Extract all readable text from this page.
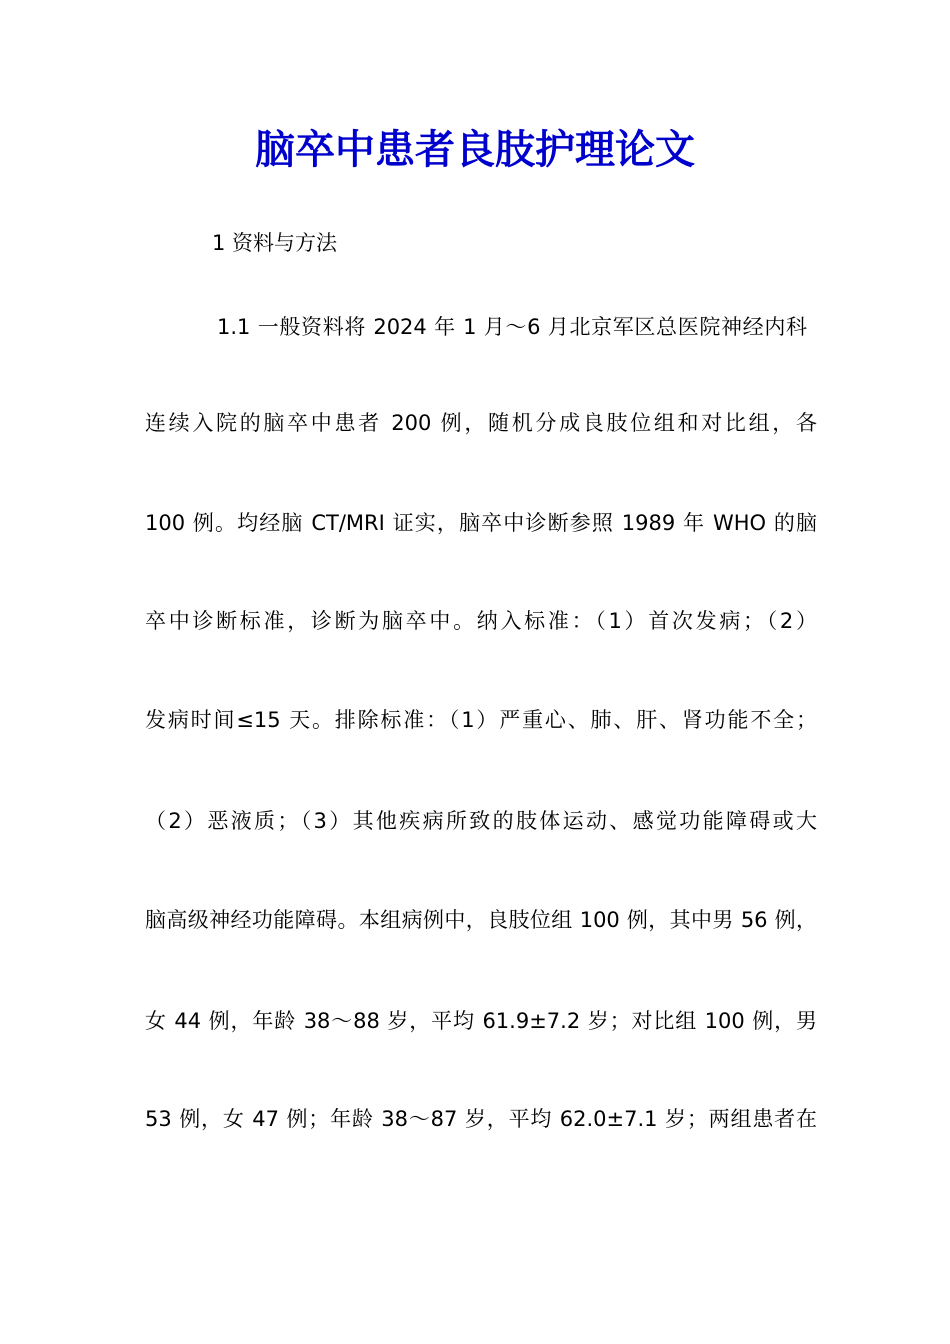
脑卒中患者良肢护理论文
1 资料与方法
1.1 一般资料将 2024 年 1 月～6 月北京军区总医院神经内科
连续入院的脑卒中患者 200 例，随机分成良肢位组和对比组，各
100 例。均经脑 CT/MRI 证实，脑卒中诊断参照 1989 年 WHO 的脑
卒中诊断标准，诊断为脑卒中。纳入标准：（1）首次发病；（2）
发病时间≤15 天。排除标准：（1）严重心、肺、肝、肾功能不全；
（2）恶液质；（3）其他疾病所致的肢体运动、感觉功能障碍或大
脑高级神经功能障碍。本组病例中，良肢位组 100 例，其中男 56 例，
女 44 例，年龄 38～88 岁，平均 61.9±7.2 岁；对比组 100 例，男
53 例，女 47 例；年龄 38～87 岁，平均 62.0±7.1 岁；两组患者在
